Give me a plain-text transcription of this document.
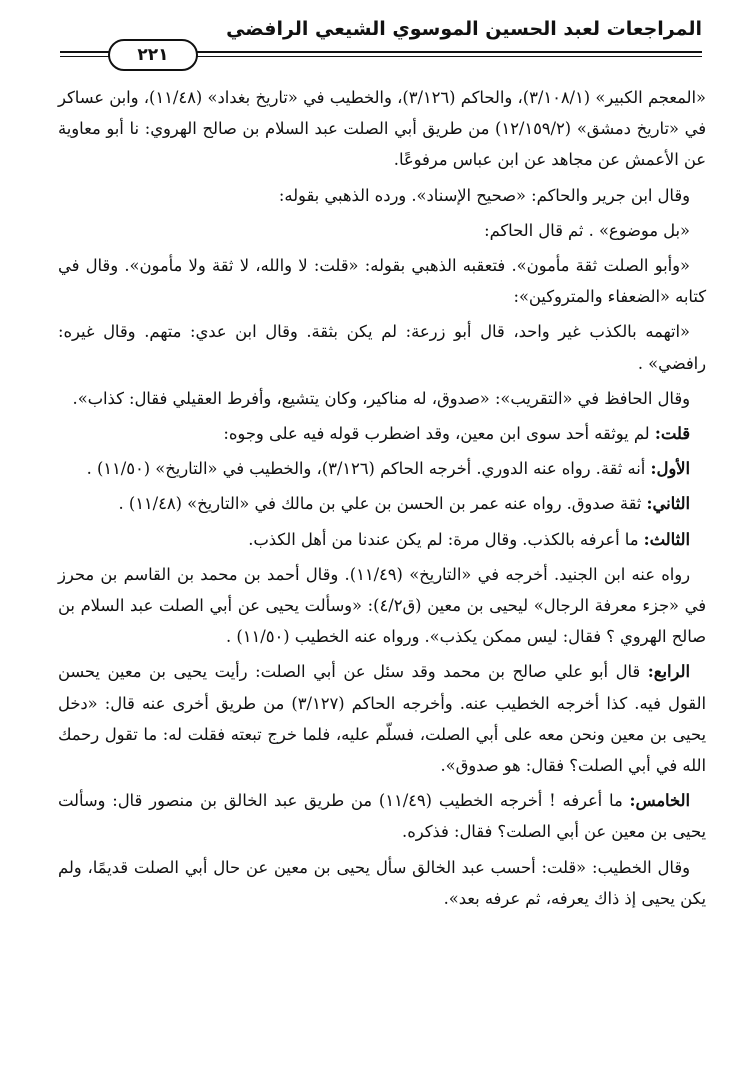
المراجعات لعبد الحسين الموسوي الشيعي الرافضي
٢٢١

«المعجم الكبير» (٣/١٠٨/١)، والحاكم (٣/١٢٦)، والخطيب في «تاريخ بغداد» (١١/٤٨)، وابن عساكر في «تاريخ دمشق» (١٢/١٥٩/٢) من طريق أبي الصلت عبد السلام بن صالح الهروي: نا أبو معاوية عن الأعمش عن مجاهد عن ابن عباس مرفوعًا.

وقال ابن جرير والحاكم: «صحيح الإسناد». ورده الذهبي بقوله:

«بل موضوع» . ثم قال الحاكم:

«وأبو الصلت ثقة مأمون». فتعقبه الذهبي بقوله: «قلت: لا والله، لا ثقة ولا مأمون». وقال في كتابه «الضعفاء والمتروكين»:

«اتهمه بالكذب غير واحد، قال أبو زرعة: لم يكن بثقة. وقال ابن عدي: متهم. وقال غيره: رافضي» .

وقال الحافظ في «التقريب»: «صدوق، له مناكير، وكان يتشيع، وأفرط العقيلي فقال: كذاب».

قلت: لم يوثقه أحد سوى ابن معين، وقد اضطرب قوله فيه على وجوه:

الأول: أنه ثقة. رواه عنه الدوري. أخرجه الحاكم (٣/١٢٦)، والخطيب في «التاريخ» (١١/٥٠) .

الثاني: ثقة صدوق. رواه عنه عمر بن الحسن بن علي بن مالك في «التاريخ» (١١/٤٨) .

الثالث: ما أعرفه بالكذب. وقال مرة: لم يكن عندنا من أهل الكذب.

رواه عنه ابن الجنيد. أخرجه في «التاريخ» (١١/٤٩). وقال أحمد بن محمد بن القاسم بن محرز في «جزء معرفة الرجال» ليحيى بن معين (ق٤/٢): «وسألت يحيى عن أبي الصلت عبد السلام بن صالح الهروي ؟ فقال: ليس ممكن يكذب». ورواه عنه الخطيب (١١/٥٠) .

الرابع: قال أبو علي صالح بن محمد وقد سئل عن أبي الصلت: رأيت يحيى بن معين يحسن القول فيه. كذا أخرجه الخطيب عنه. وأخرجه الحاكم (٣/١٢٧) من طريق أخرى عنه قال: «دخل يحيى بن معين ونحن معه على أبي الصلت، فسلّم عليه، فلما خرج تبعته فقلت له: ما تقول رحمك الله في أبي الصلت؟ فقال: هو صدوق».

الخامس: ما أعرفه ! أخرجه الخطيب (١١/٤٩) من طريق عبد الخالق بن منصور قال: وسألت يحيى بن معين عن أبي الصلت؟ فقال: فذكره.

وقال الخطيب: «قلت: أحسب عبد الخالق سأل يحيى بن معين عن حال أبي الصلت قديمًا، ولم يكن يحيى إذ ذاك يعرفه، ثم عرفه بعد».
